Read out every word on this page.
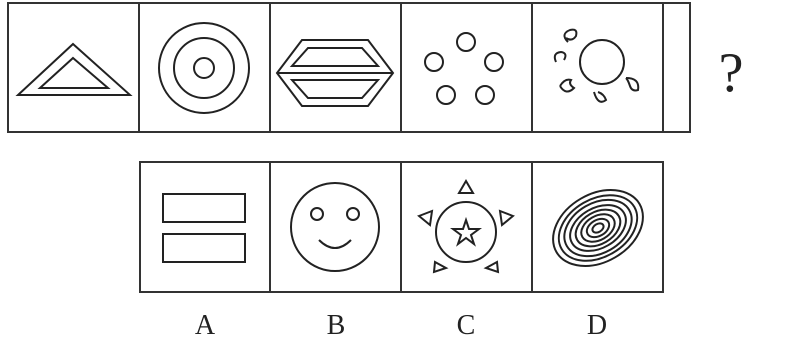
?
A	B	C	D
